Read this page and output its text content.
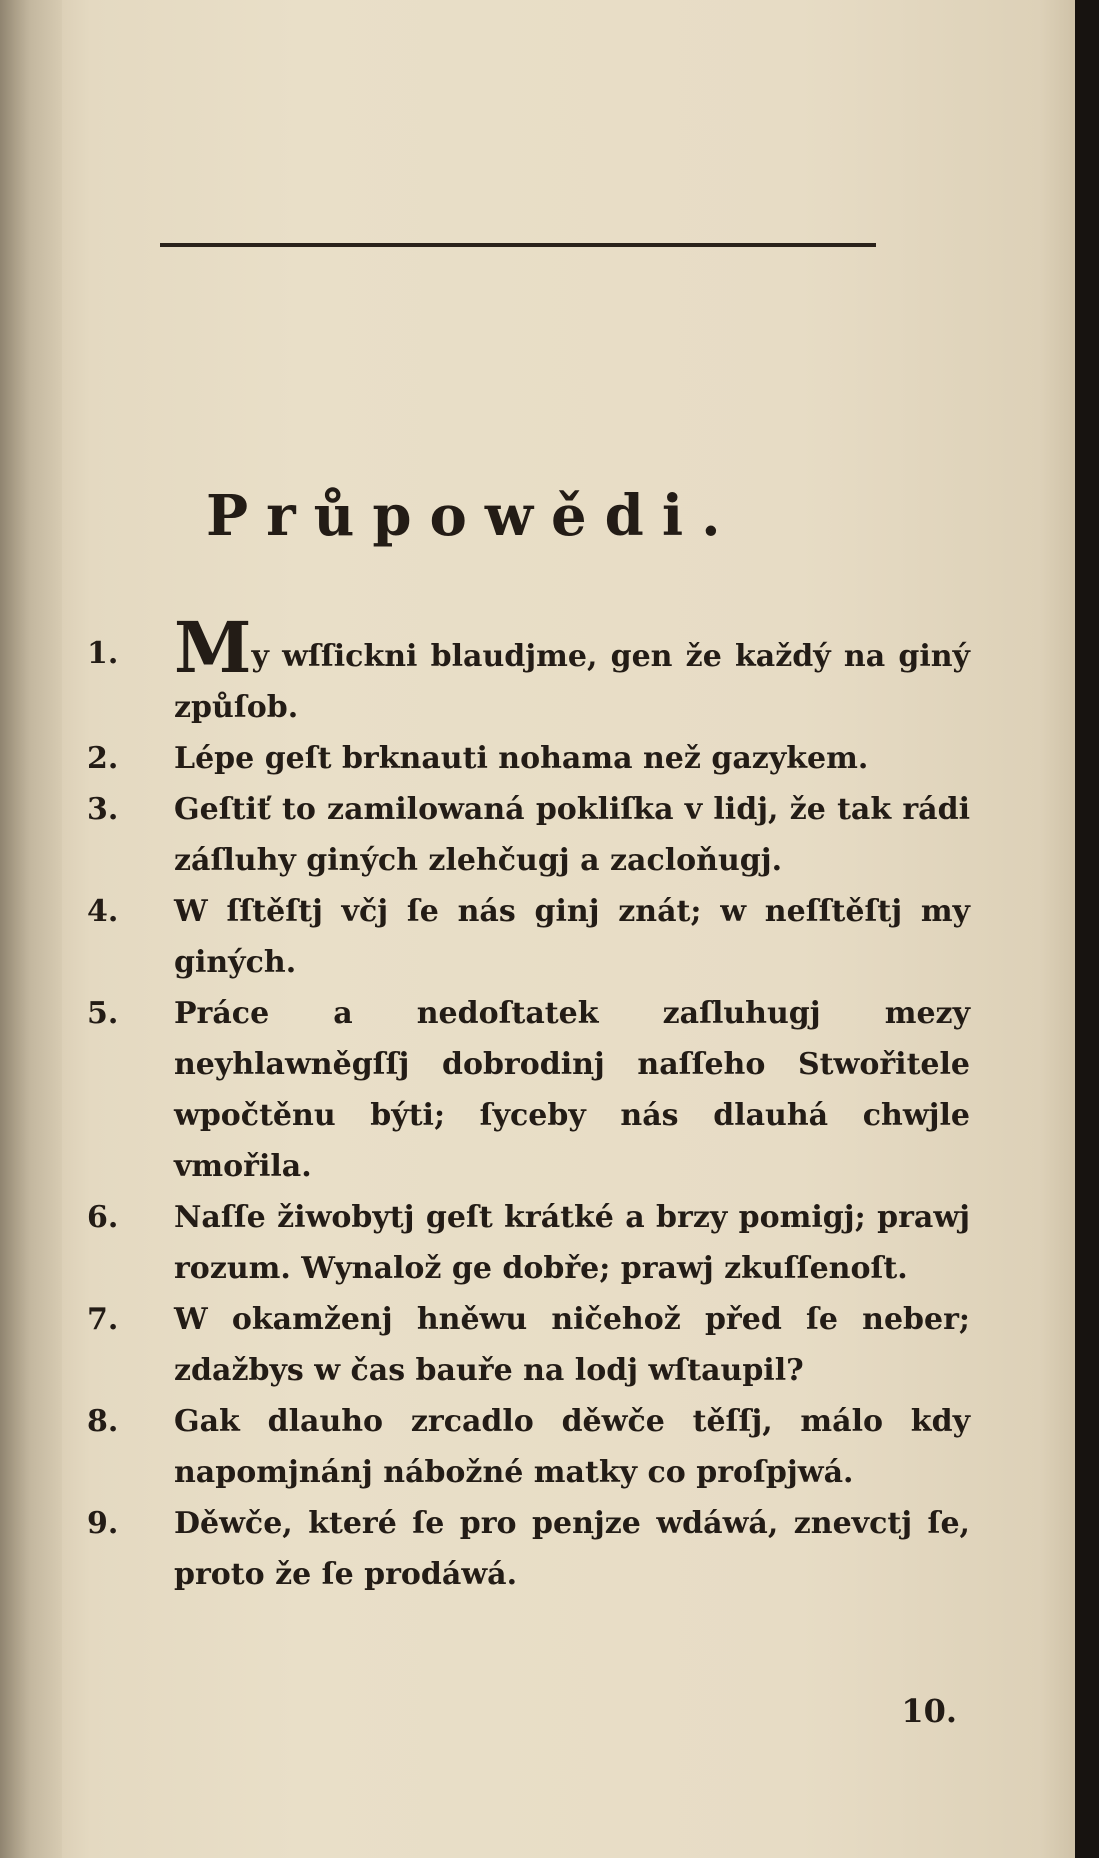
Průpowědi.
1. My wſſickni blaudjme, gen že každý na giný způſob.
2.	Lépe geſt brknauti nohama než gazykem.
3.	Geſtiť to zamilowaná pokliſka v lidj, že tak rádi záſluhy giných zlehčugj a zacloňugj.
4.	W ſſtěſtj včj ſe nás ginj znát; w neſſtěſtj my giných.
5.	Práce a nedoſtatek zaſluhugj mezy neyhlawněgſſj dobrodinj naſſeho Stwořitele wpočtěnu býti; ſyceby nás dlauhá chwjle vmořila.
6.	Naſſe žiwobytj geſt krátké a brzy pomigj; prawj rozum. Wynalož ge dobře; prawj zkuſſenoſt.
7.	W okamženj hněwu ničehož před ſe neber; zdažbys w čas bauře na lodj wſtaupil?
8.	Gak dlauho zrcadlo děwče těſſj, málo kdy napomjnánj nábožné matky co proſpjwá.
9.	Děwče, které ſe pro penjze wdáwá, znevctj ſe, proto že ſe prodáwá.
10.
